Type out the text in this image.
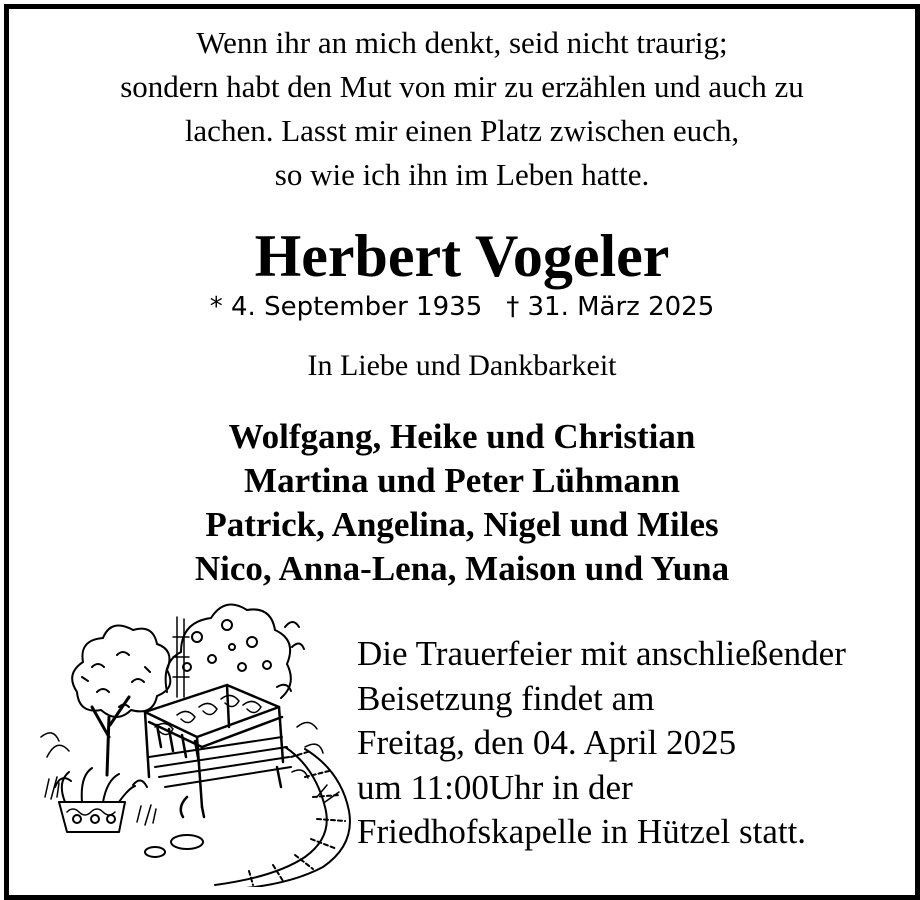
Wenn ihr an mich denkt, seid nicht traurig;
sondern habt den Mut von mir zu erzählen und auch zu
lachen. Lasst mir einen Platz zwischen euch,
so wie ich ihn im Leben hatte.
Herbert Vogeler
* 4. September 1935 † 31. März 2025
In Liebe und Dankbarkeit
Wolfgang, Heike und Christian
Martina und Peter Lühmann
Patrick, Angelina, Nigel und Miles
Nico, Anna-Lena, Maison und Yuna
Die Trauerfeier mit anschließender
Beisetzung findet am
Freitag, den 04. April 2025
um 11:00Uhr in der
Friedhofskapelle in Hützel statt.
